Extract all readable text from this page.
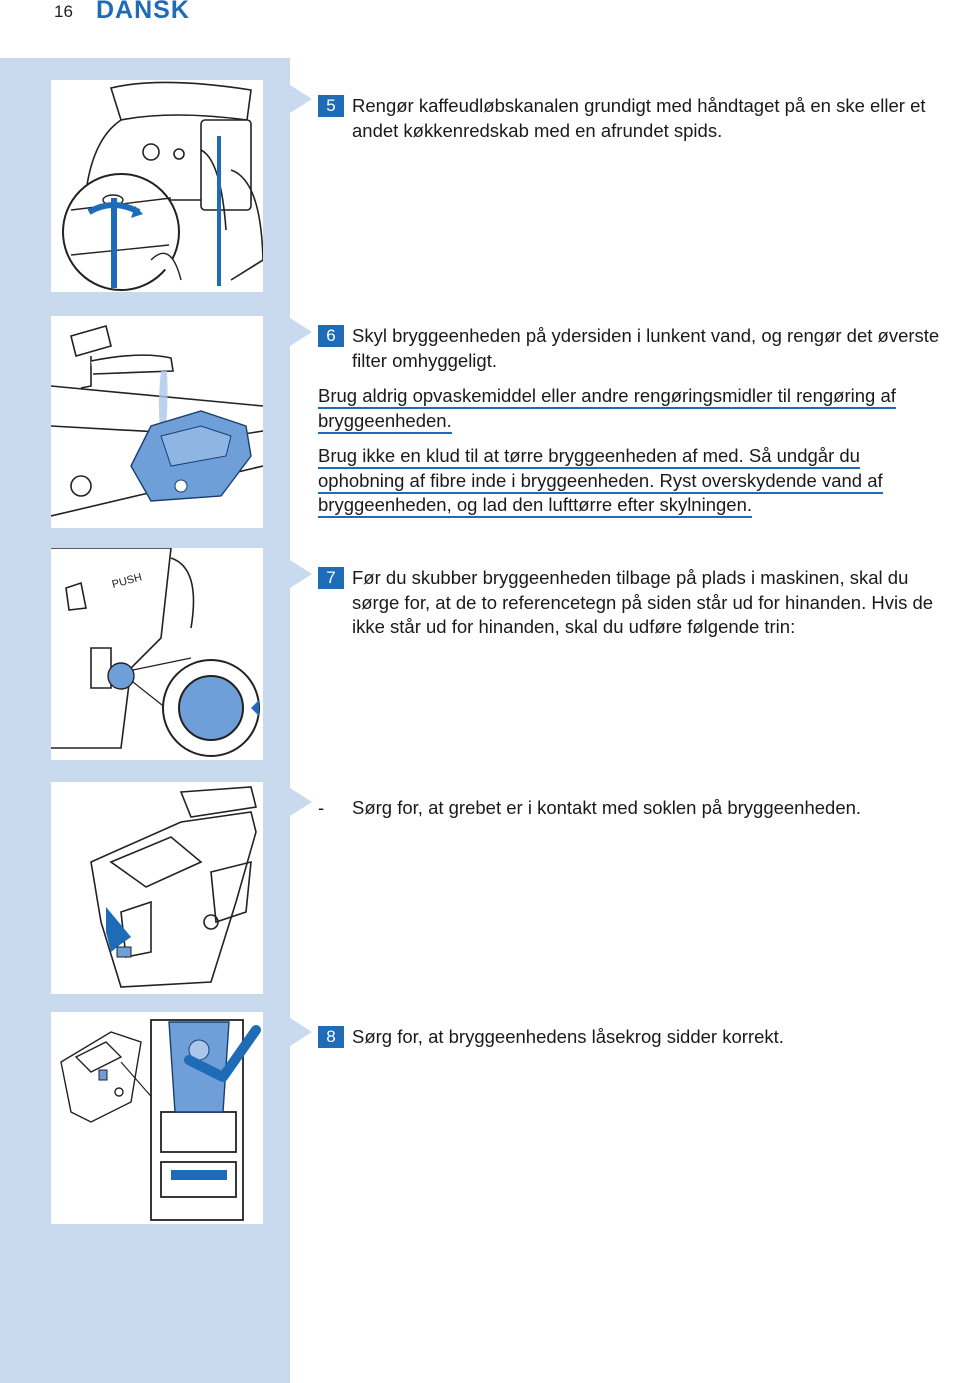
16 DANSK
PUSH
5 Rengør kaffeudløbskanalen grundigt med håndtaget på en ske eller et andet køkkenredskab med en afrundet spids.
6 Skyl bryggeenheden på ydersiden i lunkent vand, og rengør det øverste filter omhyggeligt.
Brug aldrig opvaskemiddel eller andre rengøringsmidler til rengøring af bryggeenheden.
Brug ikke en klud til at tørre bryggeenheden af med. Så undgår du ophobning af fibre inde i bryggeenheden. Ryst overskydende vand af bryggeenheden, og lad den lufttørre efter skylningen.
7 Før du skubber bryggeenheden tilbage på plads i maskinen, skal du sørge for, at de to referencetegn på siden står ud for hinanden. Hvis de ikke står ud for hinanden, skal du udføre følgende trin:
- Sørg for, at grebet er i kontakt med soklen på bryggeenheden.
8 Sørg for, at bryggeenhedens låsekrog sidder korrekt.
